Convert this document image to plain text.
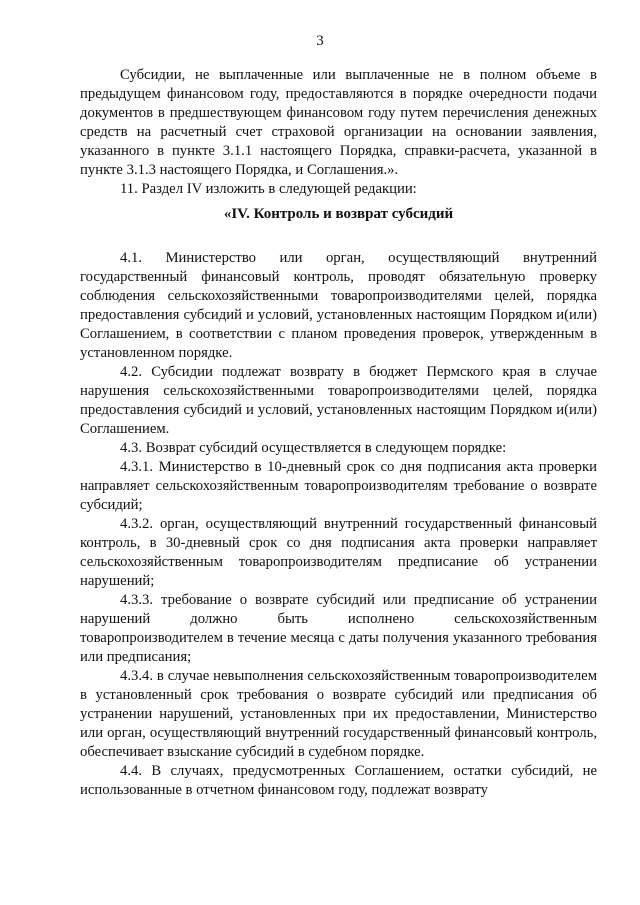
3

Субсидии, не выплаченные или выплаченные не в полном объеме в предыдущем финансовом году, предоставляются в порядке очередности подачи документов в предшествующем финансовом году путем перечисления денежных средств на расчетный счет страховой организации на основании заявления, указанного в пункте 3.1.1 настоящего Порядка, справки-расчета, указанной в пункте 3.1.3 настоящего Порядка, и Соглашения.».

11. Раздел IV изложить в следующей редакции:

«IV. Контроль и возврат субсидий

4.1. Министерство или орган, осуществляющий внутренний государственный финансовый контроль, проводят обязательную проверку соблюдения сельскохозяйственными товаропроизводителями целей, порядка предоставления субсидий и условий, установленных настоящим Порядком и(или) Соглашением, в соответствии с планом проведения проверок, утвержденным в установленном порядке.

4.2. Субсидии подлежат возврату в бюджет Пермского края в случае нарушения сельскохозяйственными товаропроизводителями целей, порядка предоставления субсидий и условий, установленных настоящим Порядком и(или) Соглашением.

4.3. Возврат субсидий осуществляется в следующем порядке:

4.3.1. Министерство в 10-дневный срок со дня подписания акта проверки направляет сельскохозяйственным товаропроизводителям требование о возврате субсидий;

4.3.2. орган, осуществляющий внутренний государственный финансовый контроль, в 30-дневный срок со дня подписания акта проверки направляет сельскохозяйственным товаропроизводителям предписание об устранении нарушений;

4.3.3. требование о возврате субсидий или предписание об устранении нарушений должно быть исполнено сельскохозяйственным товаропроизводителем в течение месяца с даты получения указанного требования или предписания;

4.3.4. в случае невыполнения сельскохозяйственным товаропроизводителем в установленный срок требования о возврате субсидий или предписания об устранении нарушений, установленных при их предоставлении, Министерство или орган, осуществляющий внутренний государственный финансовый контроль, обеспечивает взыскание субсидий в судебном порядке.

4.4. В случаях, предусмотренных Соглашением, остатки субсидий, не использованные в отчетном финансовом году, подлежат возврату
